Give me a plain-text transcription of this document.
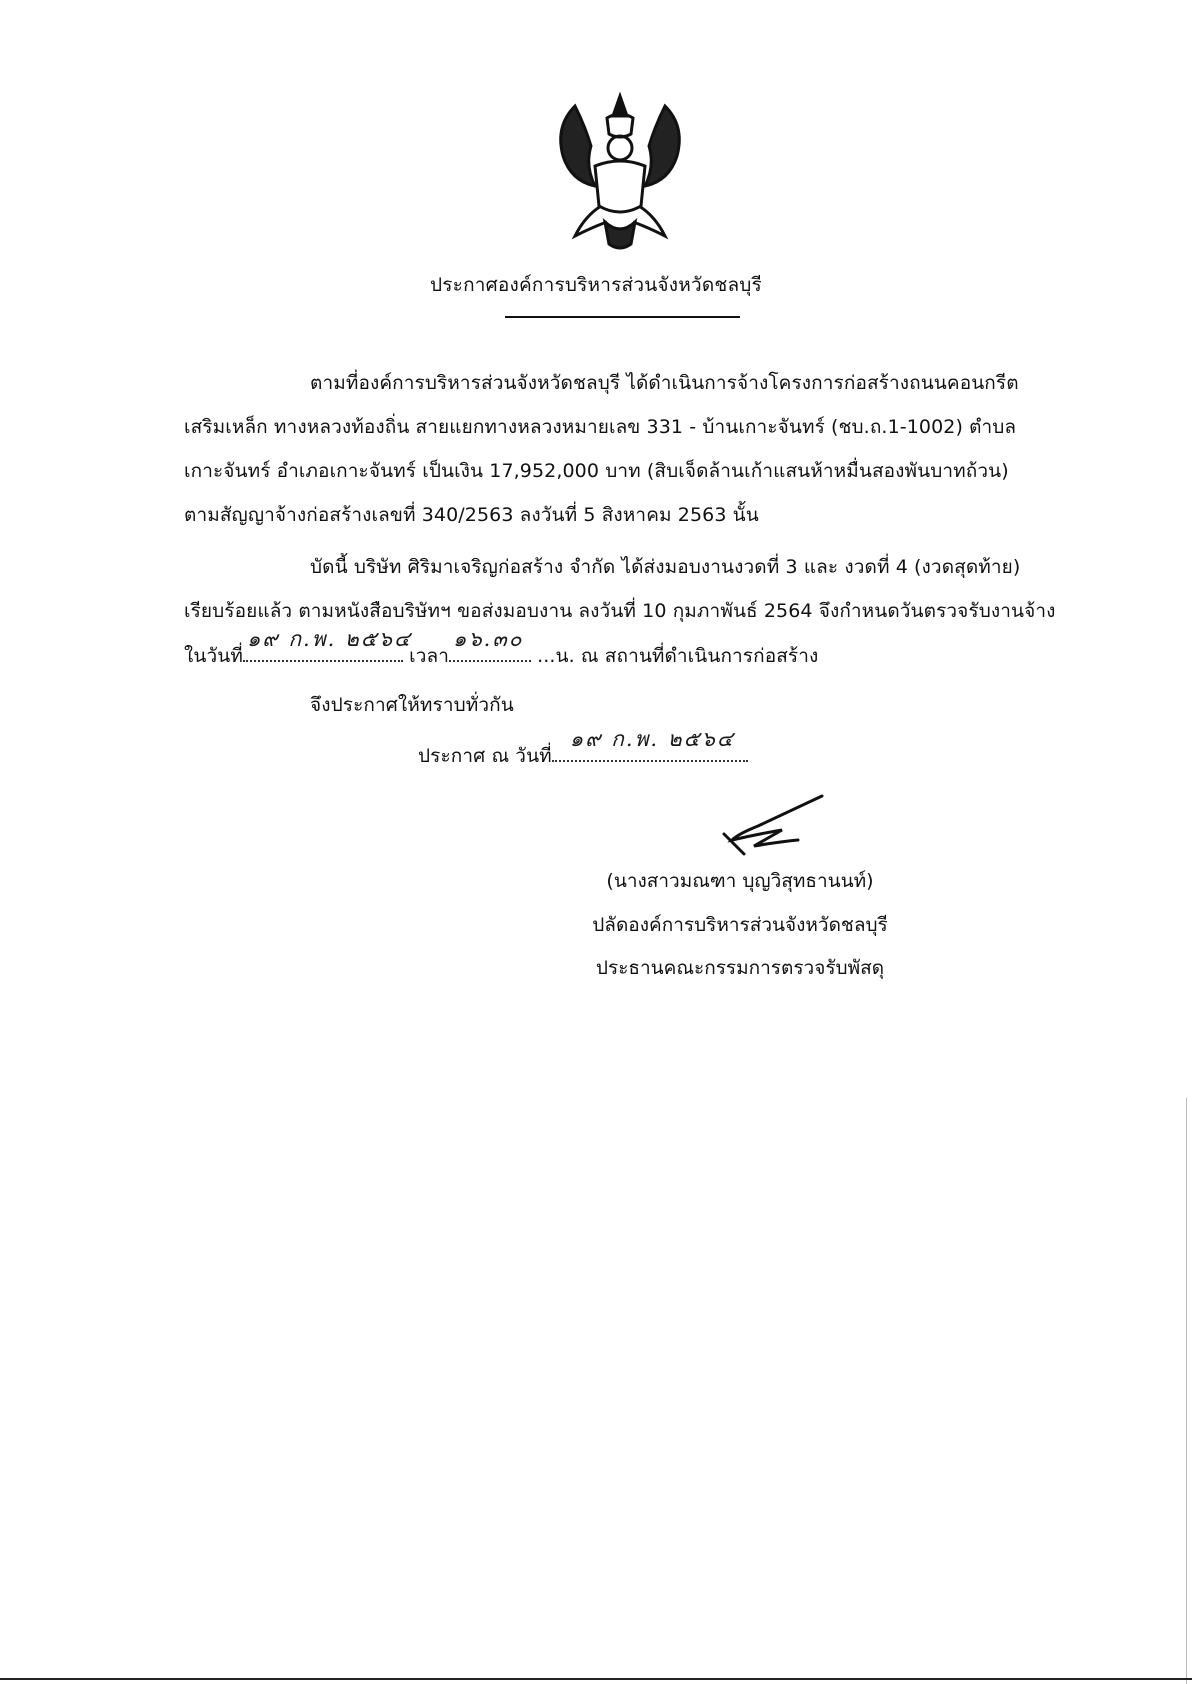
ประกาศองค์การบริหารส่วนจังหวัดชลบุรี
ตามที่องค์การบริหารส่วนจังหวัดชลบุรี ได้ดำเนินการจ้างโครงการก่อสร้างถนนคอนกรีต
เสริมเหล็ก ทางหลวงท้องถิ่น สายแยกทางหลวงหมายเลข 331 - บ้านเกาะจันทร์ (ชบ.ถ.1-1002) ตำบล
เกาะจันทร์ อำเภอเกาะจันทร์ เป็นเงิน 17,952,000 บาท (สิบเจ็ดล้านเก้าแสนห้าหมื่นสองพันบาทถ้วน)
ตามสัญญาจ้างก่อสร้างเลขที่ 340/2563 ลงวันที่ 5 สิงหาคม 2563 นั้น
บัดนี้ บริษัท ศิริมาเจริญก่อสร้าง จำกัด ได้ส่งมอบงานงวดที่ 3 และ งวดที่ 4 (งวดสุดท้าย)
เรียบร้อยแล้ว ตามหนังสือบริษัทฯ ขอส่งมอบงาน ลงวันที่ 10 กุมภาพันธ์ 2564 จึงกำหนดวันตรวจรับงานจ้าง
ในวันที่
๑๙ ก.พ. ๒๕๖๔
เวลา
๑๖.๓๐
...น. ณ สถานที่ดำเนินการก่อสร้าง
จึงประกาศให้ทราบทั่วกัน
ประกาศ ณ วันที่
๑๙ ก.พ. ๒๕๖๔
(นางสาวมณฑา บุญวิสุทธานนท์)
ปลัดองค์การบริหารส่วนจังหวัดชลบุรี
ประธานคณะกรรมการตรวจรับพัสดุ
